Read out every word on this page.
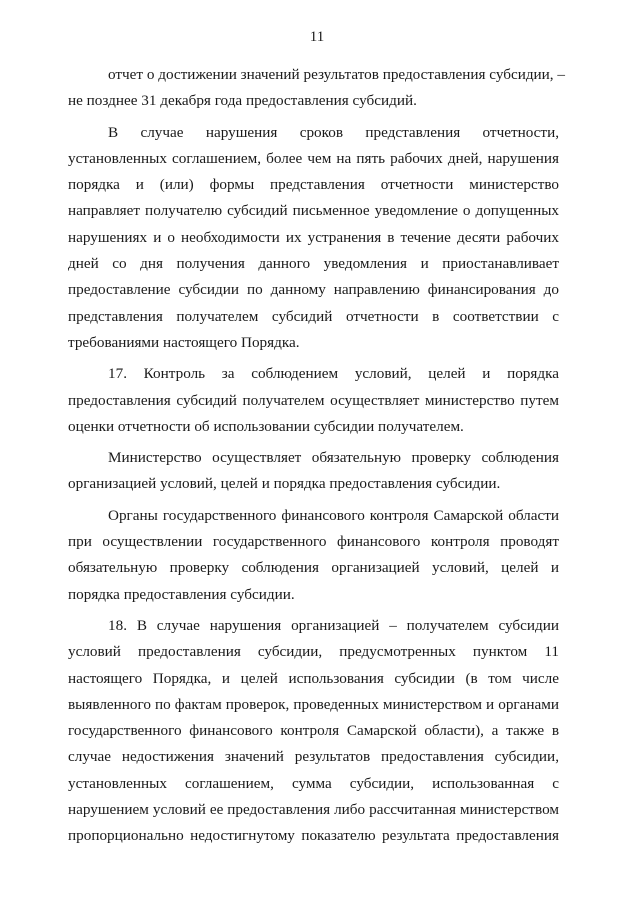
11
отчет о достижении значений результатов предоставления субсидии, –
не позднее 31 декабря года предоставления субсидий.
В случае нарушения сроков представления отчетности,
установленных соглашением, более чем на пять рабочих дней, нарушения
порядка и (или) формы представления отчетности министерство
направляет получателю субсидий письменное уведомление о допущенных
нарушениях и о необходимости их устранения в течение десяти рабочих
дней со дня получения данного уведомления и приостанавливает
предоставление субсидии по данному направлению финансирования до
представления получателем субсидий отчетности в соответствии с
требованиями настоящего Порядка.
17. Контроль за соблюдением условий, целей и порядка
предоставления субсидий получателем осуществляет министерство путем
оценки отчетности об использовании субсидии получателем.
Министерство осуществляет обязательную проверку соблюдения
организацией условий, целей и порядка предоставления субсидии.
Органы государственного финансового контроля Самарской области
при осуществлении государственного финансового контроля проводят
обязательную проверку соблюдения организацией условий, целей и
порядка предоставления субсидии.
18. В случае нарушения организацией – получателем субсидии
условий предоставления субсидии, предусмотренных пунктом 11
настоящего Порядка, и целей использования субсидии (в том числе
выявленного по фактам проверок, проведенных министерством и органами
государственного финансового контроля Самарской области), а также в
случае недостижения значений результатов предоставления субсидии,
установленных соглашением, сумма субсидии, использованная с
нарушением условий ее предоставления либо рассчитанная министерством
пропорционально недостигнутому показателю результата предоставления
